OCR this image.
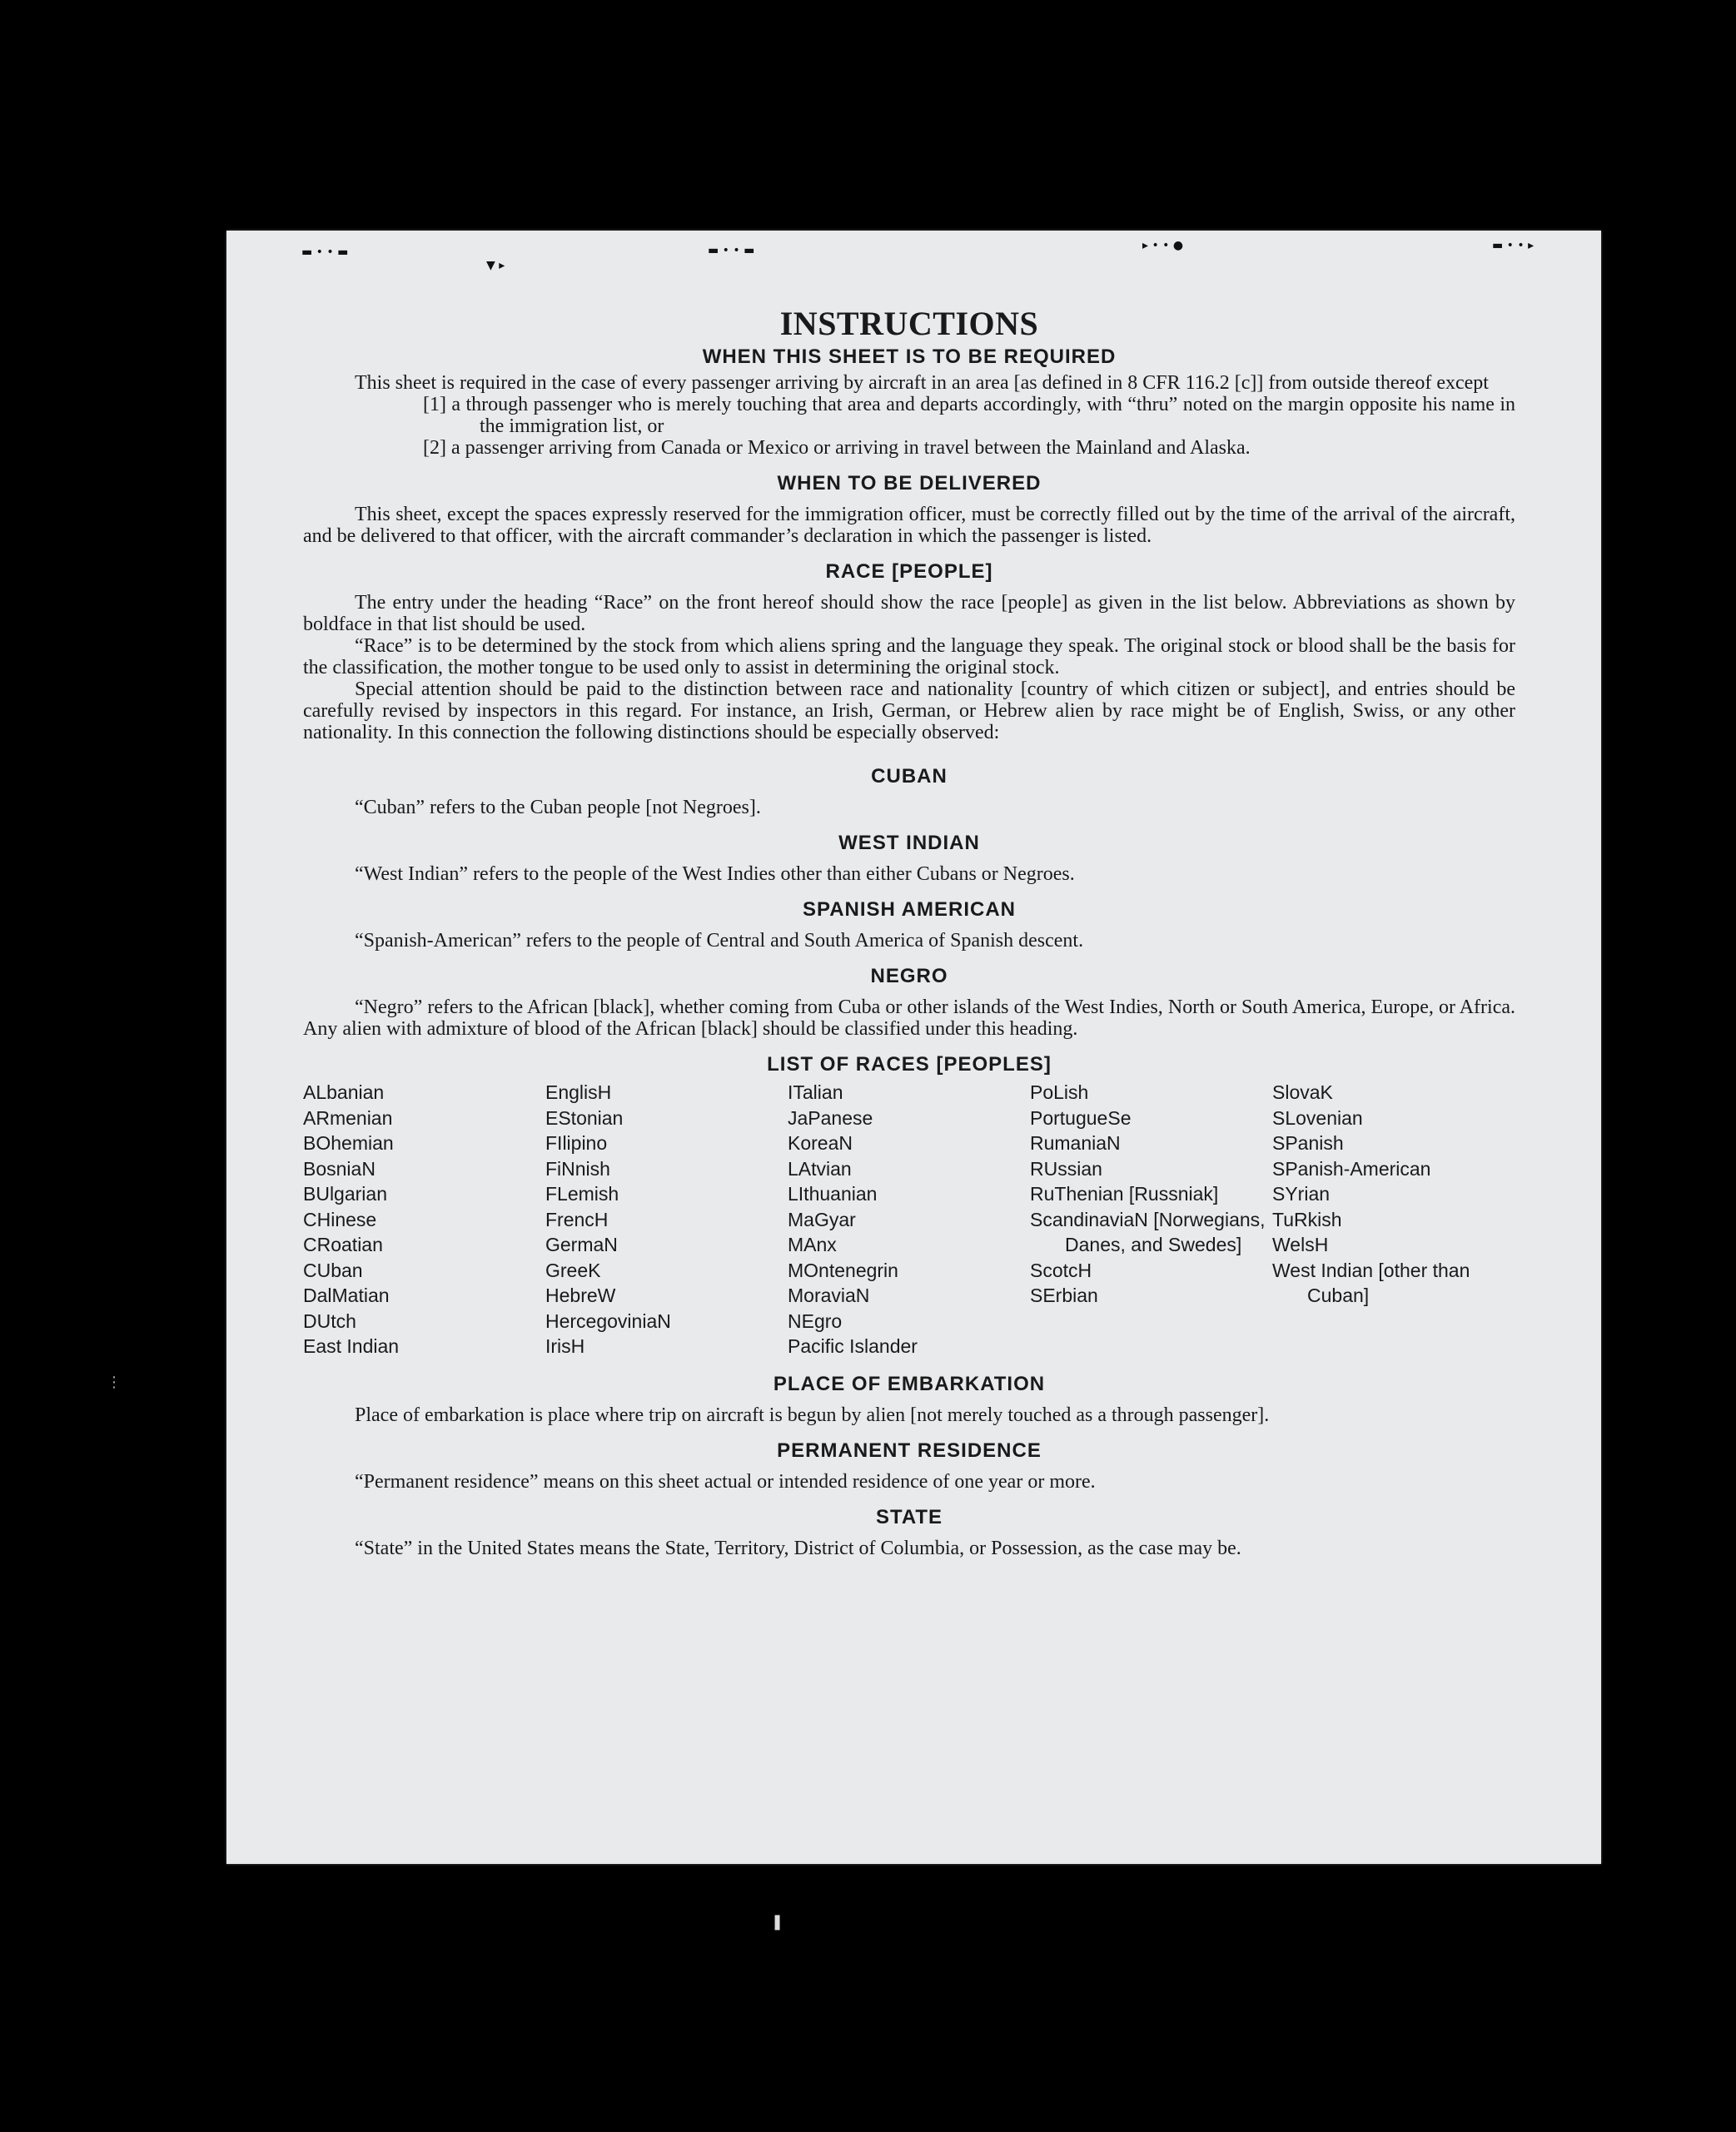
▬ • • ▬
▼ ▸
▬ • • ▬	▸ • • ●	▬ • • ▸
INSTRUCTIONS
WHEN THIS SHEET IS TO BE REQUIRED

This sheet is required in the case of every passenger arriving by aircraft in an area [as defined in 8 CFR 116.2 [c]] from outside thereof except

[1] a through passenger who is merely touching that area and departs accordingly, with “thru” noted on the margin opposite his name in the immigration list, or
[2] a passenger arriving from Canada or Mexico or arriving in travel between the Mainland and Alaska.
WHEN TO BE DELIVERED

This sheet, except the spaces expressly reserved for the immigration officer, must be correctly filled out by the time of the arrival of the aircraft, and be delivered to that officer, with the aircraft commander’s declaration in which the passenger is listed.

RACE [PEOPLE]

The entry under the heading “Race” on the front hereof should show the race [people] as given in the list below. Abbreviations as shown by boldface in that list should be used.

“Race” is to be determined by the stock from which aliens spring and the language they speak. The original stock or blood shall be the basis for the classification, the mother tongue to be used only to assist in determining the original stock.

Special attention should be paid to the distinction between race and nationality [country of which citizen or subject], and entries should be carefully revised by inspectors in this regard. For instance, an Irish, German, or Hebrew alien by race might be of English, Swiss, or any other nationality. In this connection the following distinctions should be especially observed:

CUBAN

“Cuban” refers to the Cuban people [not Negroes].

WEST INDIAN

“West Indian” refers to the people of the West Indies other than either Cubans or Negroes.

SPANISH AMERICAN

“Spanish-American” refers to the people of Central and South America of Spanish descent.

NEGRO

“Negro” refers to the African [black], whether coming from Cuba or other islands of the West Indies, North or South America, Europe, or Africa. Any alien with admixture of blood of the African [black] should be classified under this heading.

LIST OF RACES [PEOPLES]
ALbanian
ARmenian
BOhemian
BosniaN
BUlgarian
CHinese
CRoatian
CUban
DalMatian
DUtch
East Indian
EnglisH
EStonian
FIlipino
FiNnish
FLemish
FrencH
GermaN
GreeK
HebreW
HercegoviniaN
IrisH
ITalian
JaPanese
KoreaN
LAtvian
LIthuanian
MaGyar
MAnx
MOntenegrin
MoraviaN
NEgro
Pacific Islander
PoLish
PortugueSe
RumaniaN
RUssian
RuThenian [Russniak]
ScandinaviaN [Norwegians, Danes, and Swedes]
ScotcH
SErbian
SlovaK
SLovenian
SPanish
SPanish-American
SYrian
TuRkish
WelsH
West Indian [other than Cuban]
PLACE OF EMBARKATION

Place of embarkation is place where trip on aircraft is begun by alien [not merely touched as a through passenger].

PERMANENT RESIDENCE

“Permanent residence” means on this sheet actual or intended residence of one year or more.

STATE

“State” in the United States means the State, Territory, District of Columbia, or Possession, as the case may be.

⋮
❚
